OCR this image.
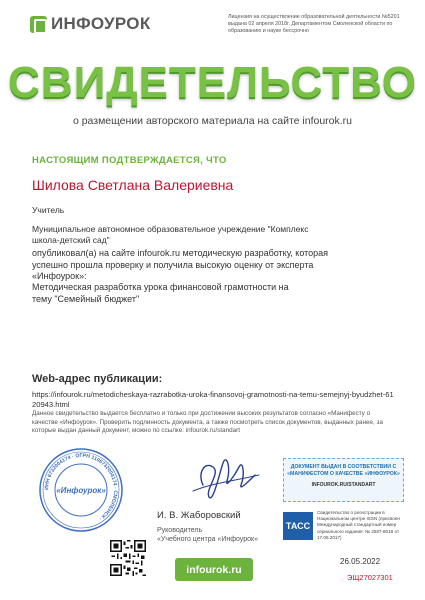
ИНФОУРОК	Лицензия на осуществление образовательной деятельности №5201 выдана 02 апреля 2018г. Департаментом Смоленской области по образованию и науке бессрочно
СВИДЕТЕЛЬСТВО
о размещении авторского материала на сайте infourok.ru
НАСТОЯЩИМ ПОДТВЕРЖДАЕТСЯ, ЧТО
Шилова Светлана Валериевна
Учитель
Муниципальное автономное образовательное учреждение "Комплекс школа-детский сад"
опубликовал(а) на сайте infourok.ru методическую разработку, которая успешно прошла проверку и получила высокую оценку от эксперта «Инфоурок»:
Методическая разработка урока финансовой грамотности на тему "Семейный бюджет"
Web-адрес публикации:
https://infourok.ru/metodicheskaya-razrabotka-uroka-finansovoj-gramotnosti-na-temu-semejnyj-byudzhet-6120943.html
Данное свидетельство выдается бесплатно и только при достижении высоких результатов согласно «Манифесту о качестве «Инфоурок». Проверить подлинность документа, а также посмотреть список документов, выданных ранее, за которые выдан данный документ, можно по ссылке: infourok.ru/standart
ИНН 6732004174 · ОГРН 1106732004174 · СМОЛЕНСК ·
«Инфоурок»
И. В. Жаборовский
Руководитель
«Учебного центра «Инфоурок»
ДОКУМЕНТ ВЫДАН В СООТВЕТСТВИИ С «МАНИФЕСТОМ О КАЧЕСТВЕ «ИНФОУРОК»
INFOUROK.RU/STANDART
ТАСС
Свидетельство о регистрации в Национальном центре ISSN (присвоен Международный стандартный номер сериального издания: № 2587-8018 от 17.05.2017)
infourok.ru
26.05.2022
ЭЩ27027301
